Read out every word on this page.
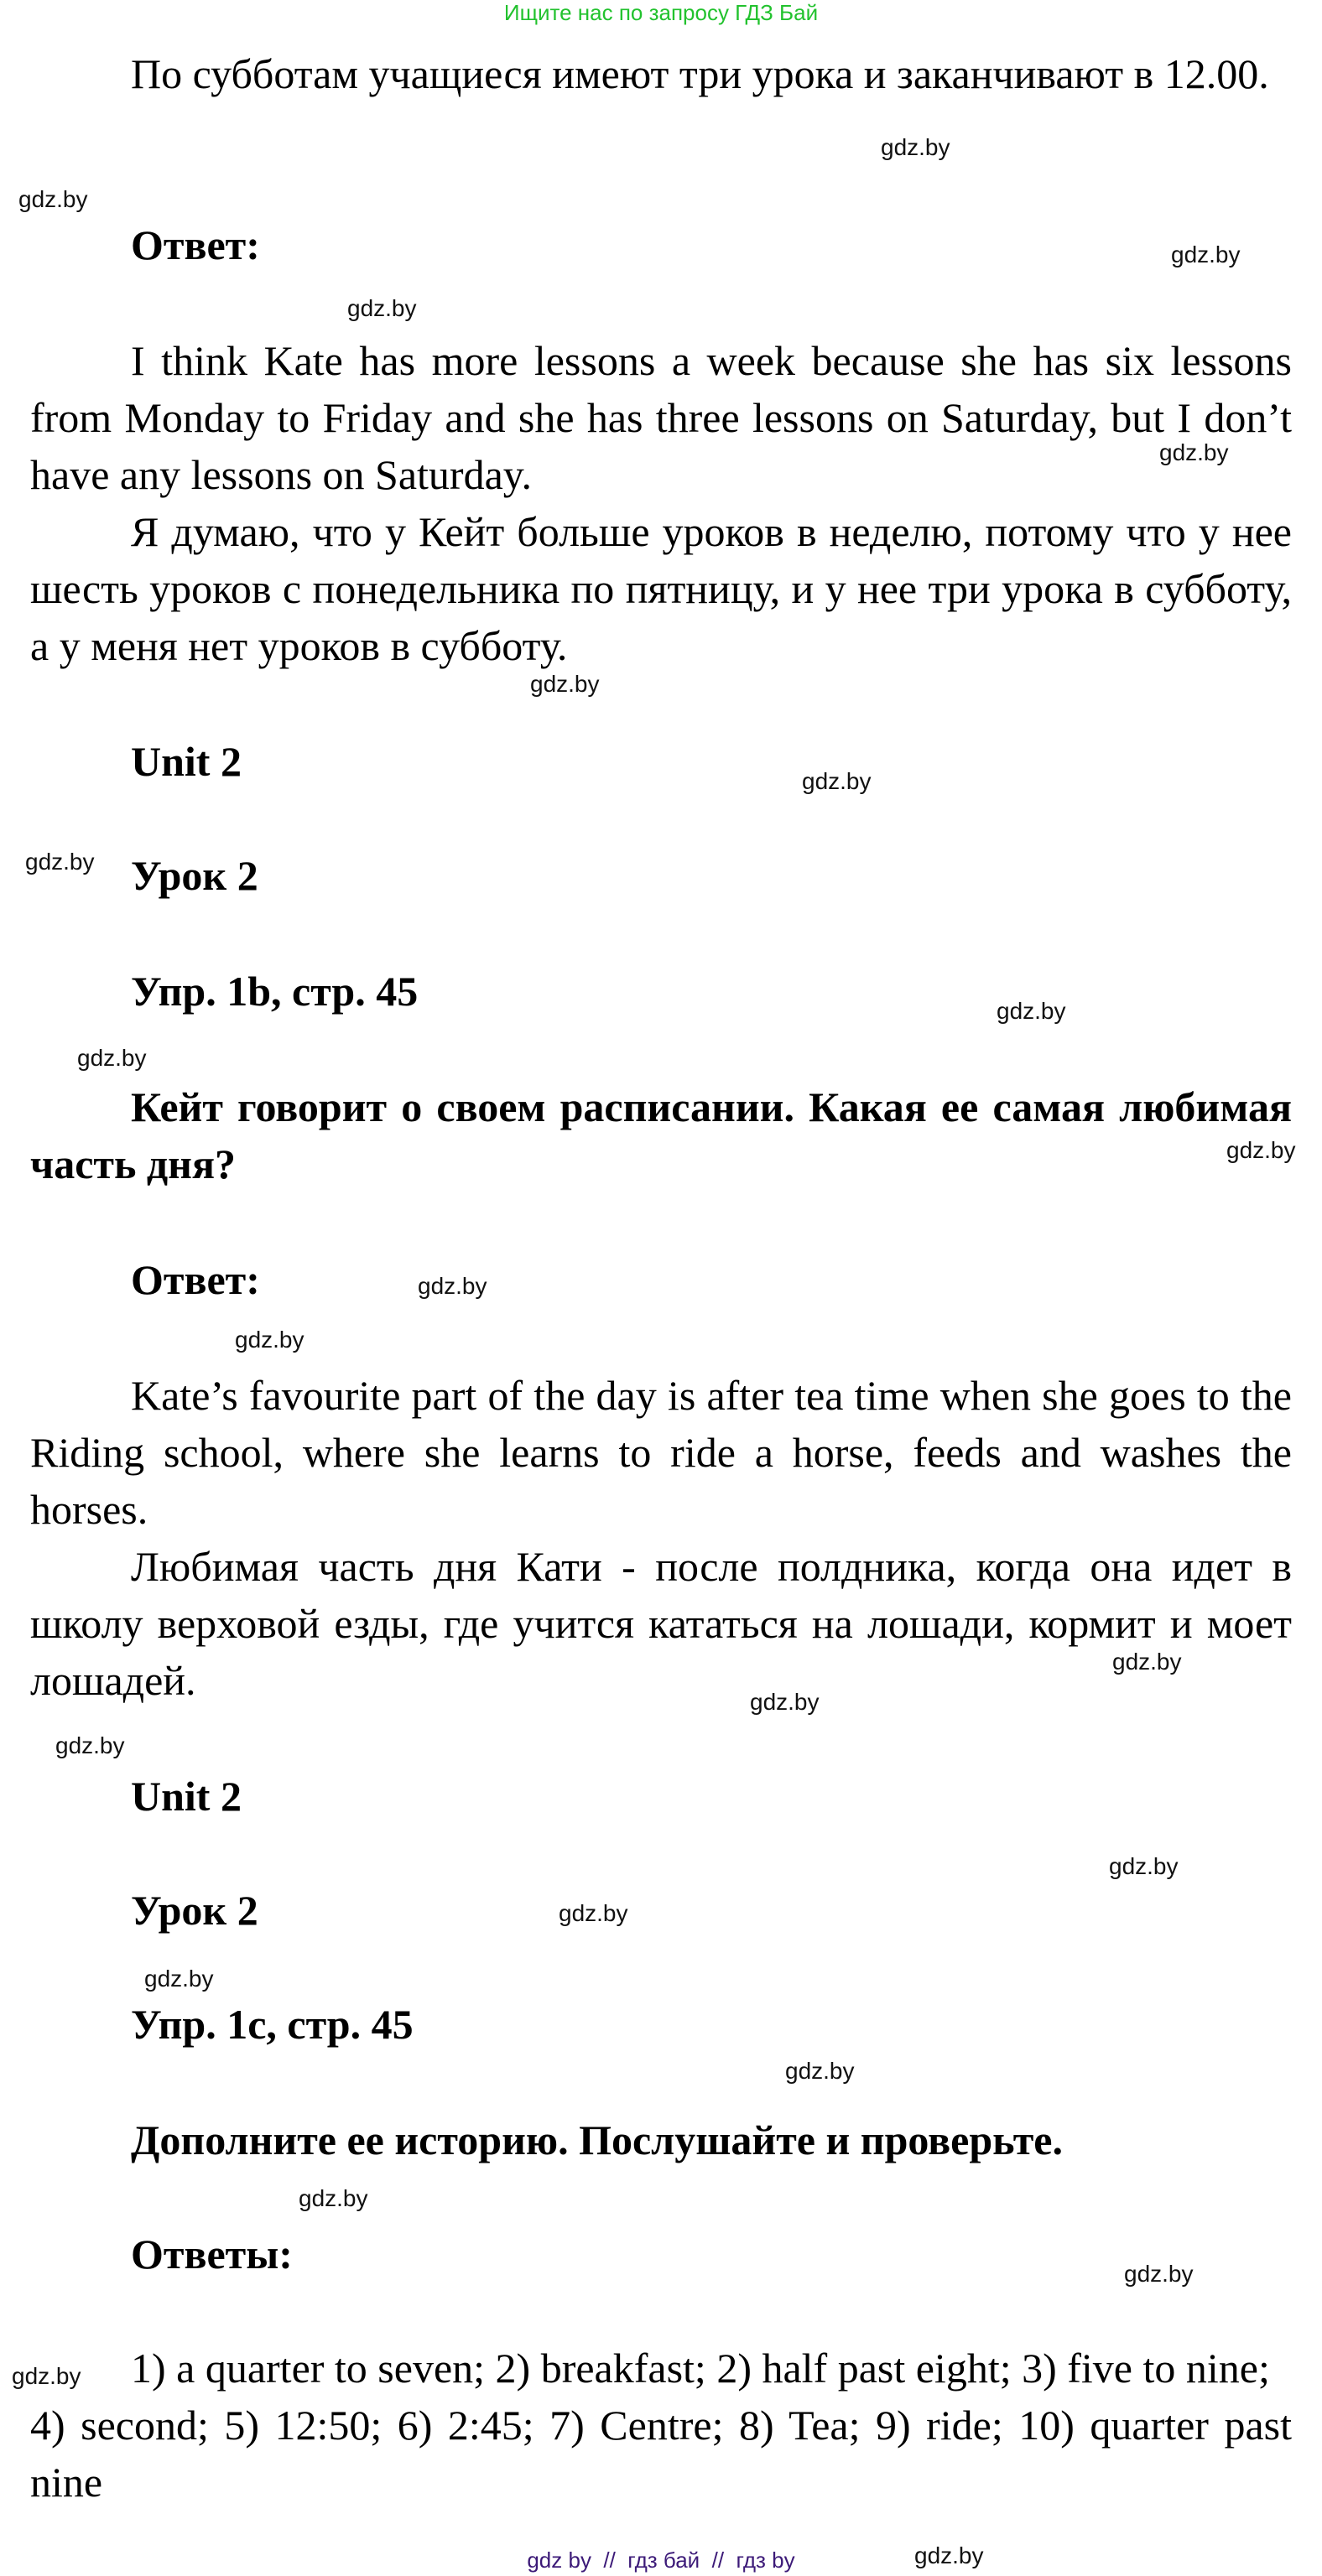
Ищите нас по запросу ГДЗ Бай

По субботам учащиеся имеют три урока и заканчивают в 12.00.

Ответ:

I think Kate has more lessons a week because she has six lessons from Monday to Friday and she has three lessons on Saturday, but I don’t have any lessons on Saturday.

Я думаю, что у Кейт больше уроков в неделю, потому что у нее шесть уроков с понедельника по пятницу, и у нее три урока в субботу, а у меня нет уроков в субботу.

Unit 2

Урок 2

Упр. 1b, стр. 45

Кейт говорит о своем расписании. Какая ее самая любимая часть дня?

Ответ:

Kate’s favourite part of the day is after tea time when she goes to the Riding school, where she learns to ride a horse, feeds and washes the horses.

Любимая часть дня Кати - после полдника, когда она идет в школу верховой езды, где учится кататься на лошади, кормит и моет лошадей.

Unit 2

Урок 2

Упр. 1c, стр. 45

Дополните ее историю. Послушайте и проверьте.

Ответы:

1) a quarter to seven; 2) breakfast; 2) half past eight; 3) five to nine;

4) second; 5) 12:50; 6) 2:45; 7) Centre; 8) Tea; 9) ride; 10) quarter past nine

gdz.by
gdz.by
gdz.by
gdz.by
gdz.by
gdz.by
gdz.by
gdz.by
gdz.by
gdz.by
gdz.by
gdz.by
gdz.by
gdz.by
gdz.by
gdz.by
gdz.by
gdz.by
gdz.by
gdz.by
gdz.by
gdz.by
gdz.by
gdz.by
gdz by  //  гдз бай  //  гдз by
